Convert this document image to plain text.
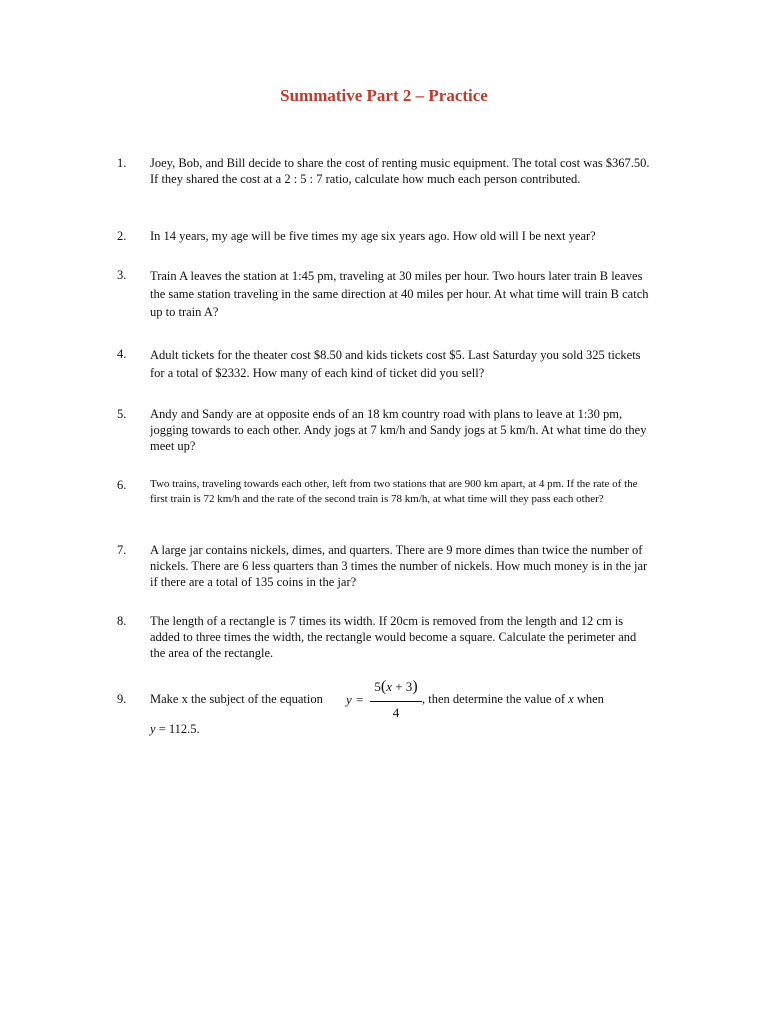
Summative Part 2 – Practice
1.	Joey, Bob, and Bill decide to share the cost of renting music equipment. The total cost was $367.50. If they shared the cost at a 2 : 5 : 7 ratio, calculate how much each person contributed.
2.	In 14 years, my age will be five times my age six years ago. How old will I be next year?
3.	Train A leaves the station at 1:45 pm, traveling at 30 miles per hour. Two hours later train B leaves the same station traveling in the same direction at 40 miles per hour. At what time will train B catch up to train A?
4.	Adult tickets for the theater cost $8.50 and kids tickets cost $5. Last Saturday you sold 325 tickets for a total of $2332. How many of each kind of ticket did you sell?
5.	Andy and Sandy are at opposite ends of an 18 km country road with plans to leave at 1:30 pm, jogging towards to each other. Andy jogs at 7 km/h and Sandy jogs at 5 km/h. At what time do they meet up?
6.	Two trains, traveling towards each other, left from two stations that are 900 km apart, at 4 pm. If the rate of the first train is 72 km/h and the rate of the second train is 78 km/h, at what time will they pass each other?
7.	A large jar contains nickels, dimes, and quarters. There are 9 more dimes than twice the number of nickels. There are 6 less quarters than 3 times the number of nickels. How much money is in the jar if there are a total of 135 coins in the jar?
8.	The length of a rectangle is 7 times its width. If 20cm is removed from the length and 12 cm is added to three times the width, the rectangle would become a square. Calculate the perimeter and the area of the rectangle.
9. Make x the subject of the equation y =
5(x + 3)
4
, then determine the value of x when
y = 112.5.
